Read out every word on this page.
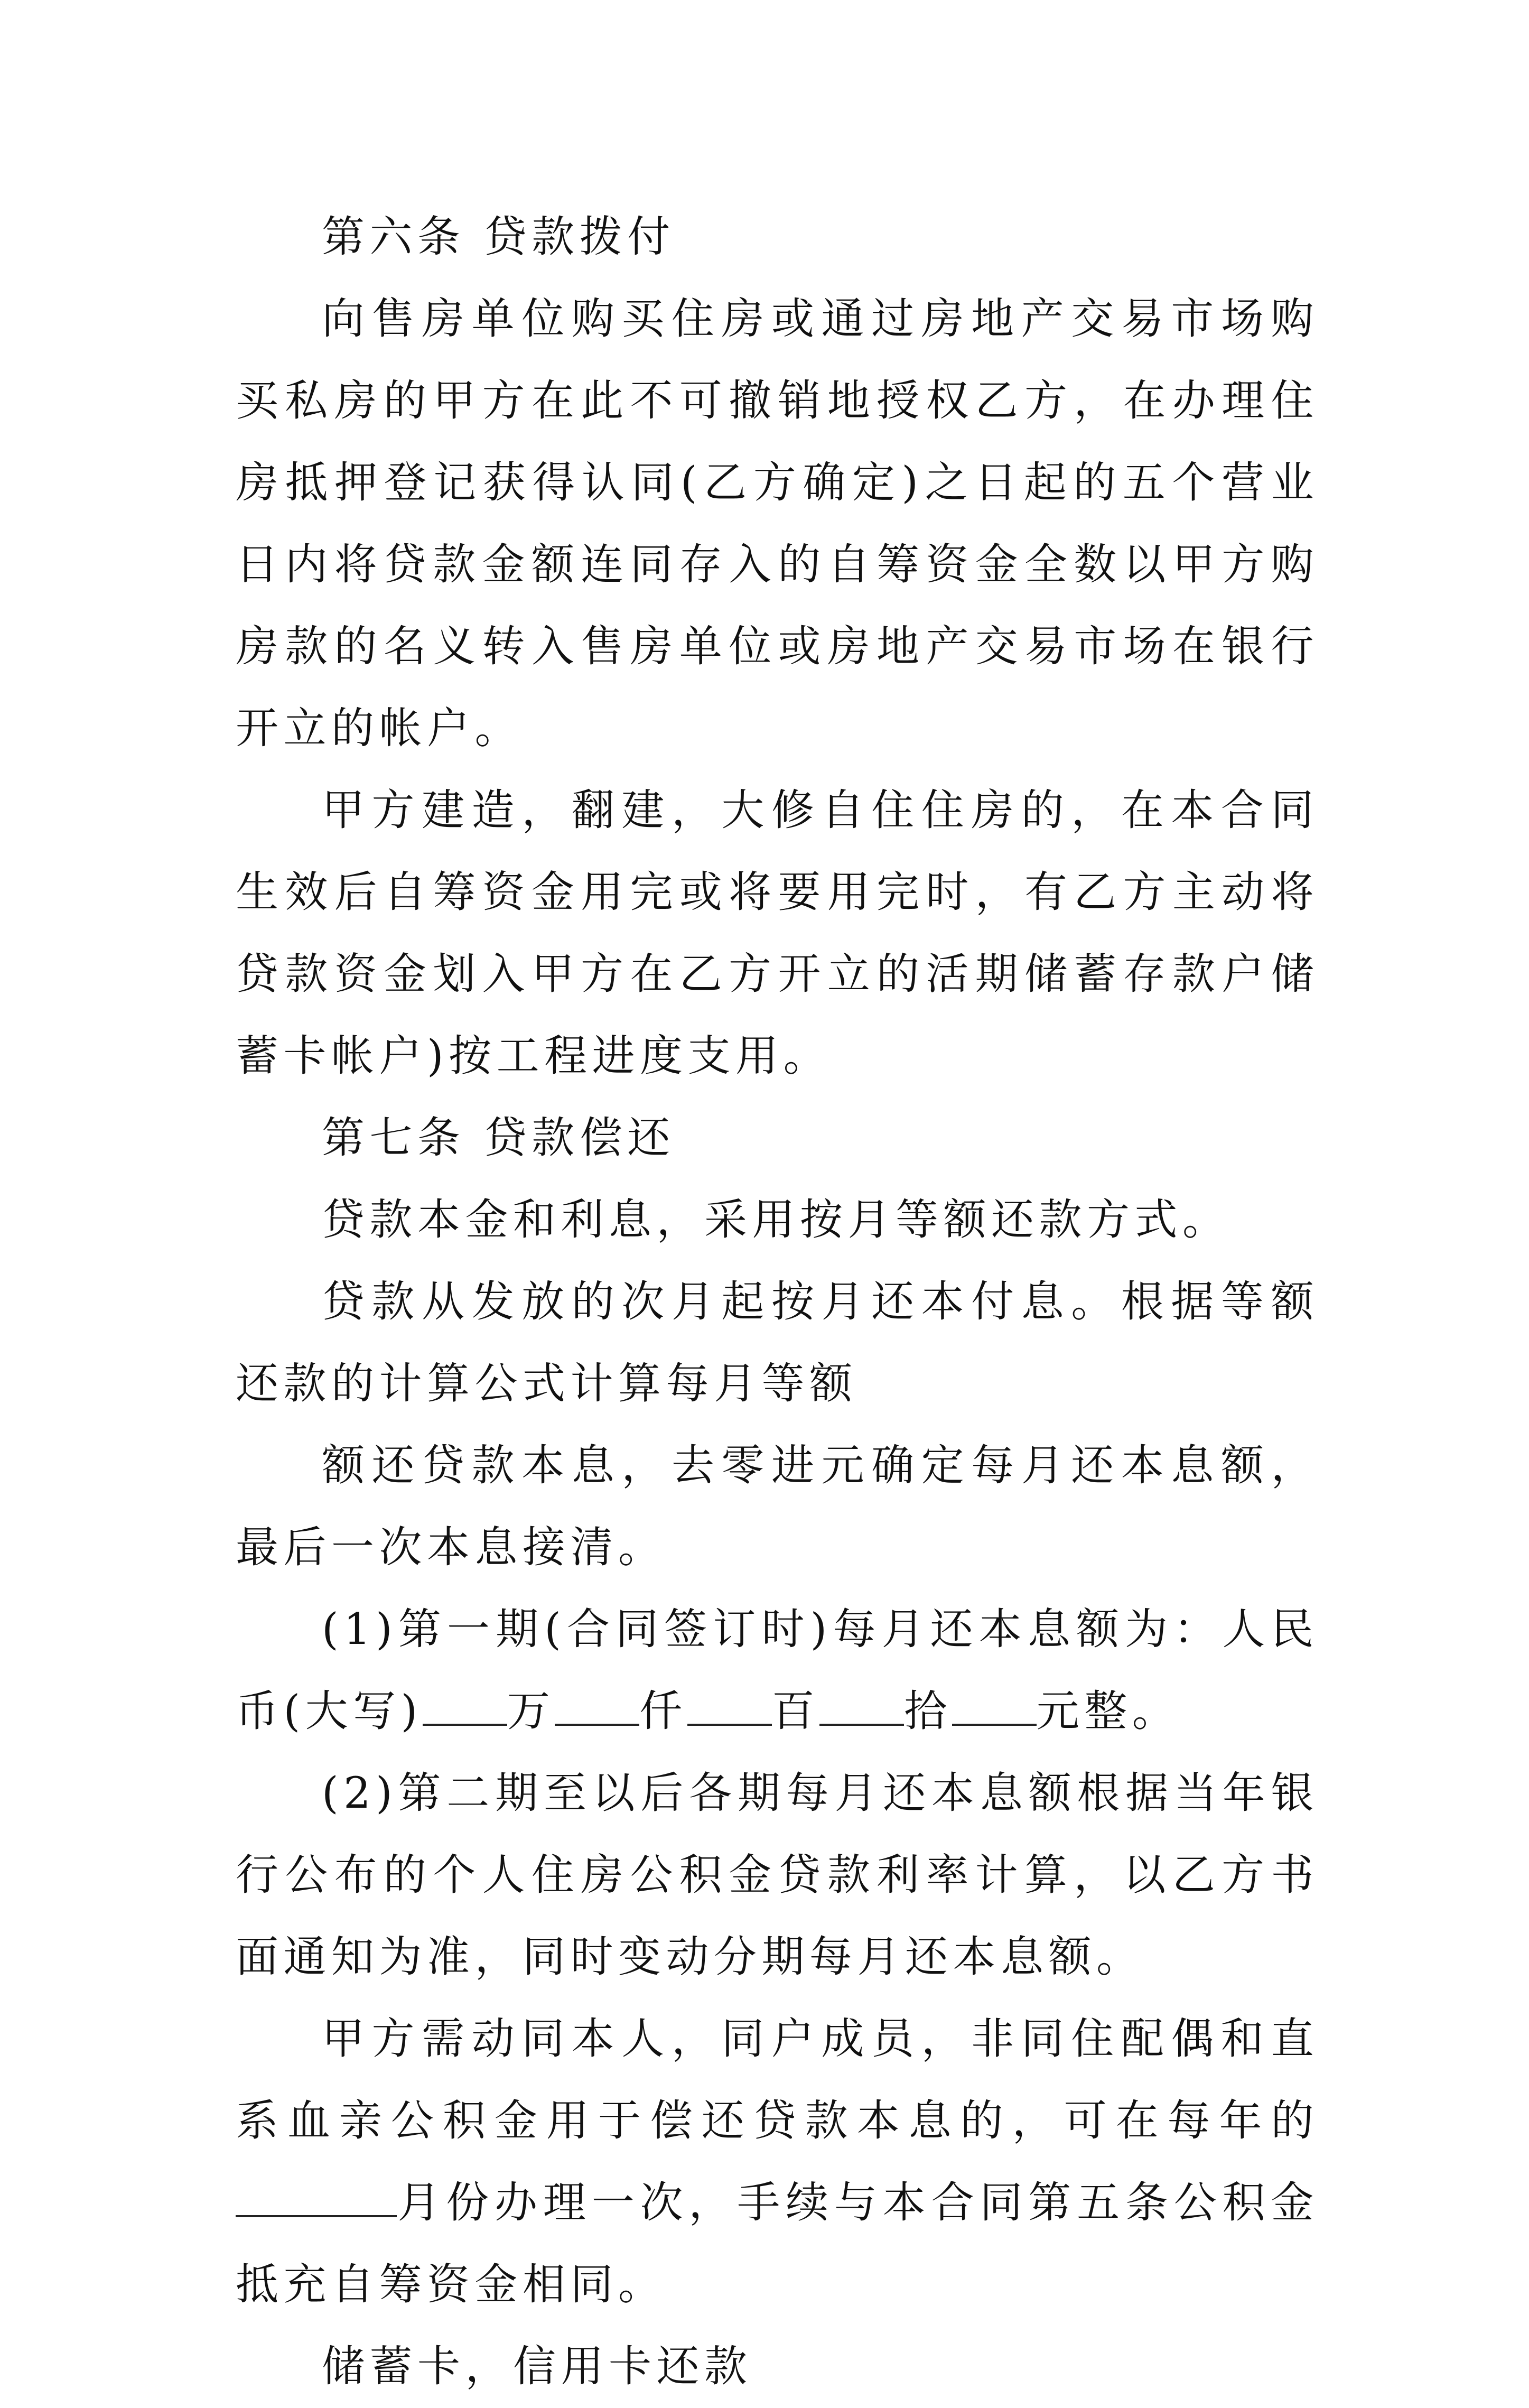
第六条 贷款拨付

向售房单位购买住房或通过房地产交易市场购买私房的甲方在此不可撤销地授权乙方，在办理住房抵押登记获得认同(乙方确定)之日起的五个营业日内将贷款金额连同存入的自筹资金全数以甲方购房款的名义转入售房单位或房地产交易市场在银行开立的帐户。

甲方建造，翻建，大修自住住房的，在本合同生效后自筹资金用完或将要用完时，有乙方主动将贷款资金划入甲方在乙方开立的活期储蓄存款户储蓄卡帐户)按工程进度支用。

第七条 贷款偿还

贷款本金和利息，采用按月等额还款方式。

贷款从发放的次月起按月还本付息。根据等额还款的计算公式计算每月等额

额还贷款本息，去零进元确定每月还本息额，最后一次本息接清。

(1)第一期(合同签订时)每月还本息额为：人民币(大写) 万 仟 百 拾 元整。

(2)第二期至以后各期每月还本息额根据当年银行公布的个人住房公积金贷款利率计算，以乙方书面通知为准，同时变动分期每月还本息额。

甲方需动同本人，同户成员，非同住配偶和直系血亲公积金用于偿还贷款本息的，可在每年的月份办理一次，手续与本合同第五条公积金抵充自筹资金相同。

储蓄卡，信用卡还款
